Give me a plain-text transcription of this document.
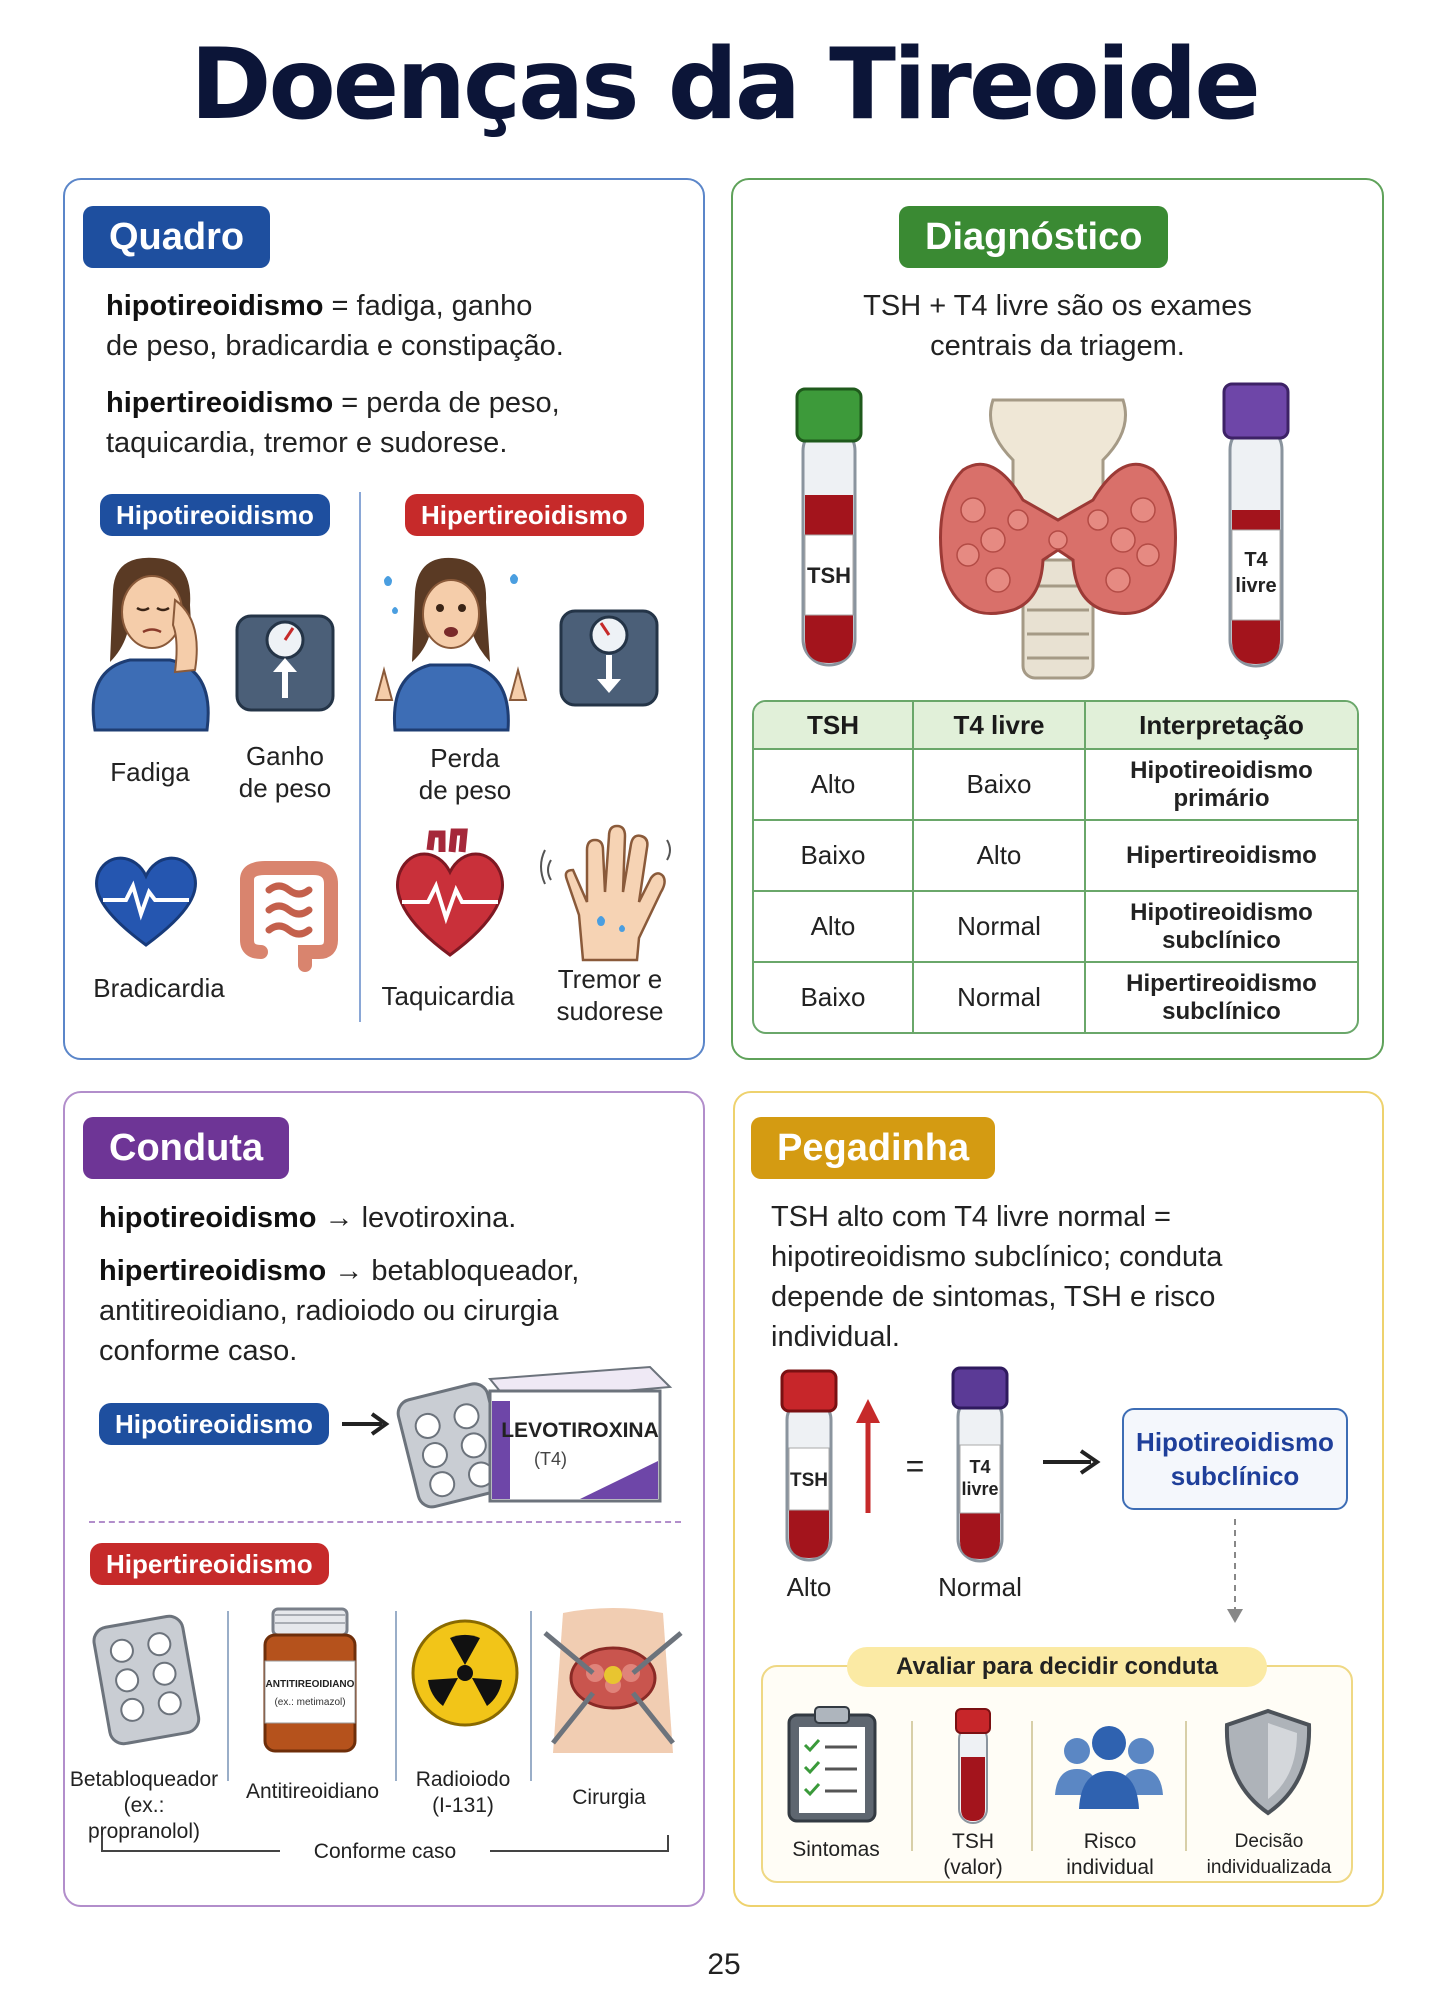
Doenças da Tireoide
Quadro
hipotireoidismo = fadiga, ganho
de peso, bradicardia e constipação.
hipertireoidismo = perda de peso,
taquicardia, tremor e sudorese.
Hipotireoidismo	Hipertireoidismo
Fadiga
Ganho
de peso
Bradicardia
Perda
de peso
Taquicardia
Tremor e
sudorese
Diagnóstico
TSH + T4 livre são os exames
centrais da triagem.
TSH
T4
livre
TSH	T4 livre	Interpretação
Alto	Baixo	Hipotireoidismo
primário
Baixo	Alto	Hipertireoidismo
Alto	Normal	Hipotireoidismo
subclínico
Baixo	Normal	Hipertireoidismo
subclínico
Conduta
hipotireoidismo → levotiroxina.
hipertireoidismo → betabloqueador,
antitireoidiano, radioiodo ou cirurgia
conforme caso.
Hipotireoidismo	LEVOTIROXINA
(T4)
Hipertireoidismo
ANTITIREOIDIANO
(ex.: metimazol)
Betabloqueador
(ex.: propranolol)
Antitireoidiano
Radioiodo
(I-131)	Cirurgia
Conforme caso
Pegadinha
TSH alto com T4 livre normal =
hipotireoidismo subclínico; conduta
depende de sintomas, TSH e risco
individual.
TSH	=	T4
livre
Hipotireoidismo
subclínico
Alto	Normal
Avaliar para decidir conduta
Sintomas	TSH
(valor)
Risco
individual
Decisão
individualizada
25
